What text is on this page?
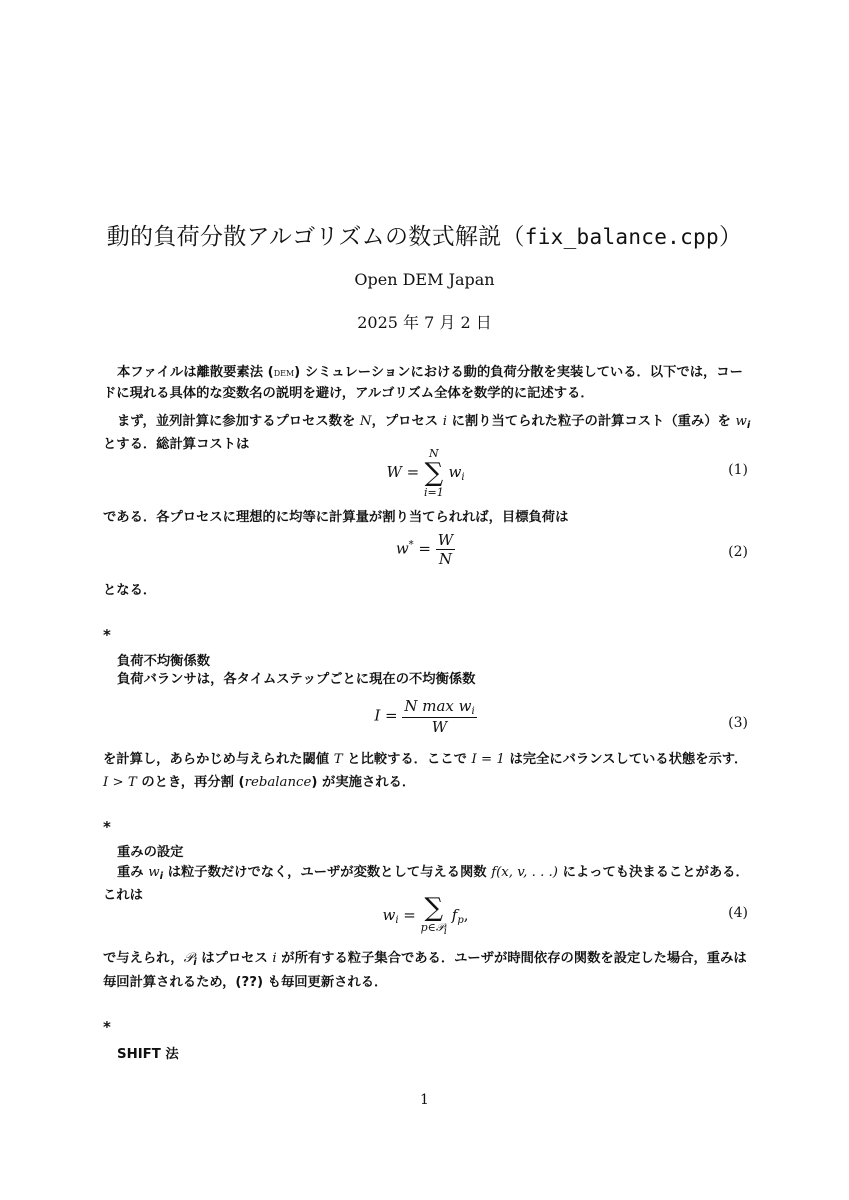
動的負荷分散アルゴリズムの数式解説（fix_balance.cpp）
Open DEM Japan
2025 年 7 月 2 日
本ファイルは離散要素法 (dem) シミュレーションにおける動的負荷分散を実装している．以下では，コー
ドに現れる具体的な変数名の説明を避け，アルゴリズム全体を数学的に記述する．
まず，並列計算に参加するプロセス数を N，プロセス i に割り当てられた粒子の計算コスト（重み）を $w_i$
とする．総計算コストは
W = N
∑
i=1 $w_i$	(1)
である．各プロセスに理想的に均等に計算量が割り当てられれば，目標負荷は
$w^* = \frac{W}{N}$	(2)
となる．
*
負荷不均衡係数
負荷バランサは，各タイムステップごとに現在の不均衡係数
$I = \frac{N \max w_i}{W}$	(3)
を計算し，あらかじめ与えられた閾値 T と比較する．ここで I = 1 は完全にバランスしている状態を示す．
I > T のとき，再分割 (rebalance) が実施される．
*
重みの設定
重み $w_i$ は粒子数だけでなく，ユーザが変数として与える関数 f(x, v, . . .) によっても決まることがある．
これは
$w_i$ = ∑
p∈𝒫i $f_p$,	(4)
で与えられ，𝒫$_i$ はプロセス i が所有する粒子集合である．ユーザが時間依存の関数を設定した場合，重みは
毎回計算されるため，(??) も毎回更新される．
*
SHIFT 法
1
